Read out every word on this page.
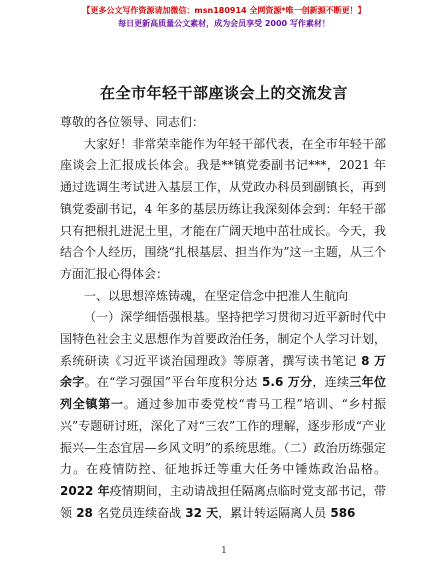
【更多公文写作资源请加微信：msn180914 全网资源*唯一创新源不断更！】
每日更新高质量公文素材，成为会员享受 2000 写作素材！
在全市年轻干部座谈会上的交流发言

尊敬的各位领导、同志们：

大家好！非常荣幸能作为年轻干部代表，在全市年轻干部座谈会上汇报成长体会。我是**镇党委副书记***，2021 年通过选调生考试进入基层工作，从党政办科员到副镇长，再到镇党委副书记，4 年多的基层历练让我深刻体会到：年轻干部只有把根扎进泥土里，才能在广阔天地中茁壮成长。今天，我结合个人经历，围绕“扎根基层、担当作为”这一主题，从三个方面汇报心得体会：

一、以思想淬炼铸魂，在坚定信念中把准人生航向

（一）深学细悟强根基。坚持把学习贯彻习近平新时代中国特色社会主义思想作为首要政治任务，制定个人学习计划，系统研读《习近平谈治国理政》等原著，撰写读书笔记 8 万余字。在“学习强国”平台年度积分达 5.6 万分，连续三年位列全镇第一。通过参加市委党校“青马工程”培训、“乡村振兴”专题研讨班，深化了对“三农”工作的理解，逐步形成“产业振兴—生态宜居—乡风文明”的系统思维。（二）政治历练强定力。在疫情防控、征地拆迁等重大任务中锤炼政治品格。2022 年疫情期间，主动请战担任隔离点临时党支部书记，带领 28 名党员连续奋战 32 天，累计转运隔离人员 586

1
